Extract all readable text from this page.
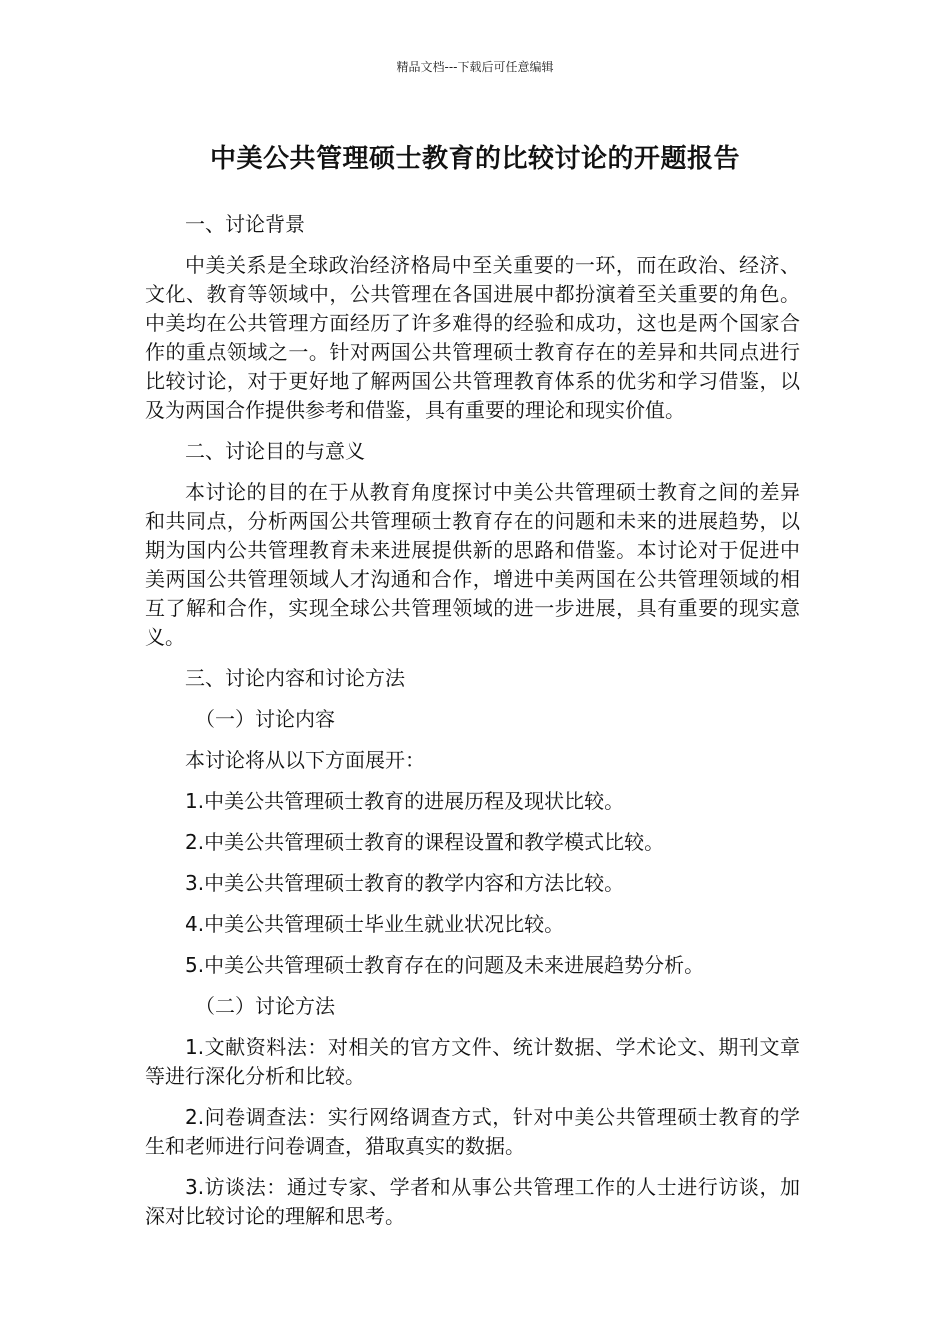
精品文档---下载后可任意编辑
中美公共管理硕士教育的比较讨论的开题报告

一、讨论背景

中美关系是全球政治经济格局中至关重要的一环，而在政治、经济、文化、教育等领域中，公共管理在各国进展中都扮演着至关重要的角色。中美均在公共管理方面经历了许多难得的经验和成功，这也是两个国家合作的重点领域之一。针对两国公共管理硕士教育存在的差异和共同点进行比较讨论，对于更好地了解两国公共管理教育体系的优劣和学习借鉴，以及为两国合作提供参考和借鉴，具有重要的理论和现实价值。

二、讨论目的与意义

本讨论的目的在于从教育角度探讨中美公共管理硕士教育之间的差异和共同点，分析两国公共管理硕士教育存在的问题和未来的进展趋势，以期为国内公共管理教育未来进展提供新的思路和借鉴。本讨论对于促进中美两国公共管理领域人才沟通和合作，增进中美两国在公共管理领域的相互了解和合作，实现全球公共管理领域的进一步进展，具有重要的现实意义。

三、讨论内容和讨论方法

（一）讨论内容

本讨论将从以下方面展开：

1.中美公共管理硕士教育的进展历程及现状比较。

2.中美公共管理硕士教育的课程设置和教学模式比较。

3.中美公共管理硕士教育的教学内容和方法比较。

4.中美公共管理硕士毕业生就业状况比较。

5.中美公共管理硕士教育存在的问题及未来进展趋势分析。

（二）讨论方法

1.文献资料法：对相关的官方文件、统计数据、学术论文、期刊文章等进行深化分析和比较。

2.问卷调查法：实行网络调查方式，针对中美公共管理硕士教育的学生和老师进行问卷调查，猎取真实的数据。

3.访谈法：通过专家、学者和从事公共管理工作的人士进行访谈，加深对比较讨论的理解和思考。
